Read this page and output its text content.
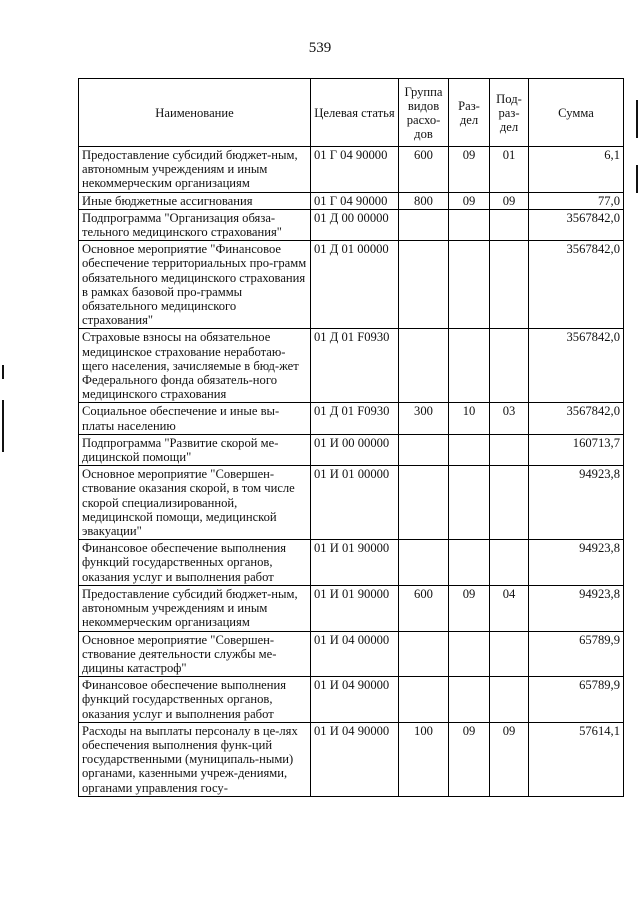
539
Наименование	Целевая статья	Группа видов расхо-дов	Раз-дел	Под-раз-дел	Сумма
Предоставление субсидий бюджет-ным, автономным учреждениям и иным некоммерческим организациям	01 Г 04 90000	600	09	01	6,1
Иные бюджетные ассигнования	01 Г 04 90000	800	09	09	77,0
Подпрограмма "Организация обяза-тельного медицинского страхования"	01 Д 00 00000				3567842,0
Основное мероприятие "Финансовое обеспечение территориальных про-грамм обязательного медицинского страхования в рамках базовой про-граммы обязательного медицинского страхования"	01 Д 01 00000				3567842,0
Страховые взносы на обязательное медицинское страхование неработаю-щего населения, зачисляемые в бюд-жет Федерального фонда обязатель-ного медицинского страхования	01 Д 01 F0930				3567842,0
Социальное обеспечение и иные вы-платы населению	01 Д 01 F0930	300	10	03	3567842,0
Подпрограмма "Развитие скорой ме-дицинской помощи"	01 И 00 00000				160713,7
Основное мероприятие "Совершен-ствование оказания скорой, в том числе скорой специализированной, медицинской помощи, медицинской эвакуации"	01 И 01 00000				94923,8
Финансовое обеспечение выполнения функций государственных органов, оказания услуг и выполнения работ	01 И 01 90000				94923,8
Предоставление субсидий бюджет-ным, автономным учреждениям и иным некоммерческим организациям	01 И 01 90000	600	09	04	94923,8
Основное мероприятие "Совершен-ствование деятельности службы ме-дицины катастроф"	01 И 04 00000				65789,9
Финансовое обеспечение выполнения функций государственных органов, оказания услуг и выполнения работ	01 И 04 90000				65789,9
Расходы на выплаты персоналу в це-лях обеспечения выполнения функ-ций государственными (муниципаль-ными) органами, казенными учреж-дениями, органами управления госу-	01 И 04 90000	100	09	09	57614,1
